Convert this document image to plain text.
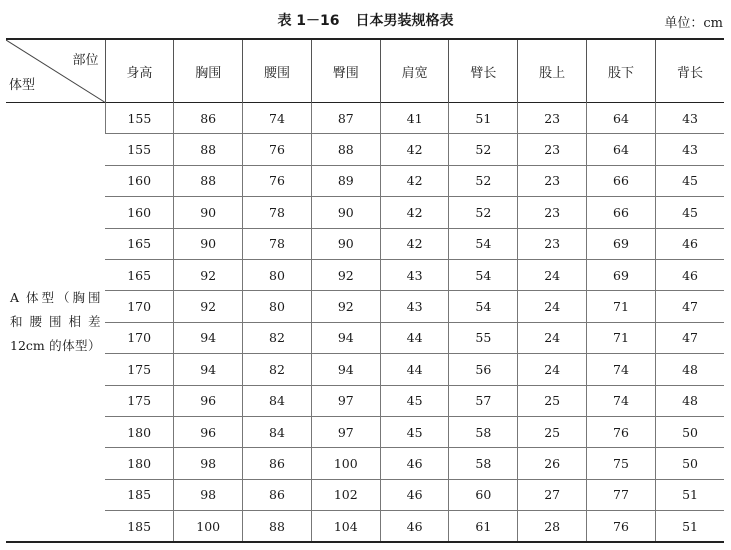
表 1－16 日本男装规格表	单位：cm
部位
体型	身高	胸围	腰围	臀围	肩宽	臂长	股上	股下	背长

A 体型（胸围
和腰围相差
12cm 的体型）	155	86	74	87	41	51	23	64	43
	155	88	76	88	42	52	23	64	43
	160	88	76	89	42	52	23	66	45
	160	90	78	90	42	52	23	66	45
	165	90	78	90	42	54	23	69	46
	165	92	80	92	43	54	24	69	46
	170	92	80	92	43	54	24	71	47
	170	94	82	94	44	55	24	71	47
	175	94	82	94	44	56	24	74	48
	175	96	84	97	45	57	25	74	48
	180	96	84	97	45	58	25	76	50
	180	98	86	100	46	58	26	75	50
	185	98	86	102	46	60	27	77	51
	185	100	88	104	46	61	28	76	51
